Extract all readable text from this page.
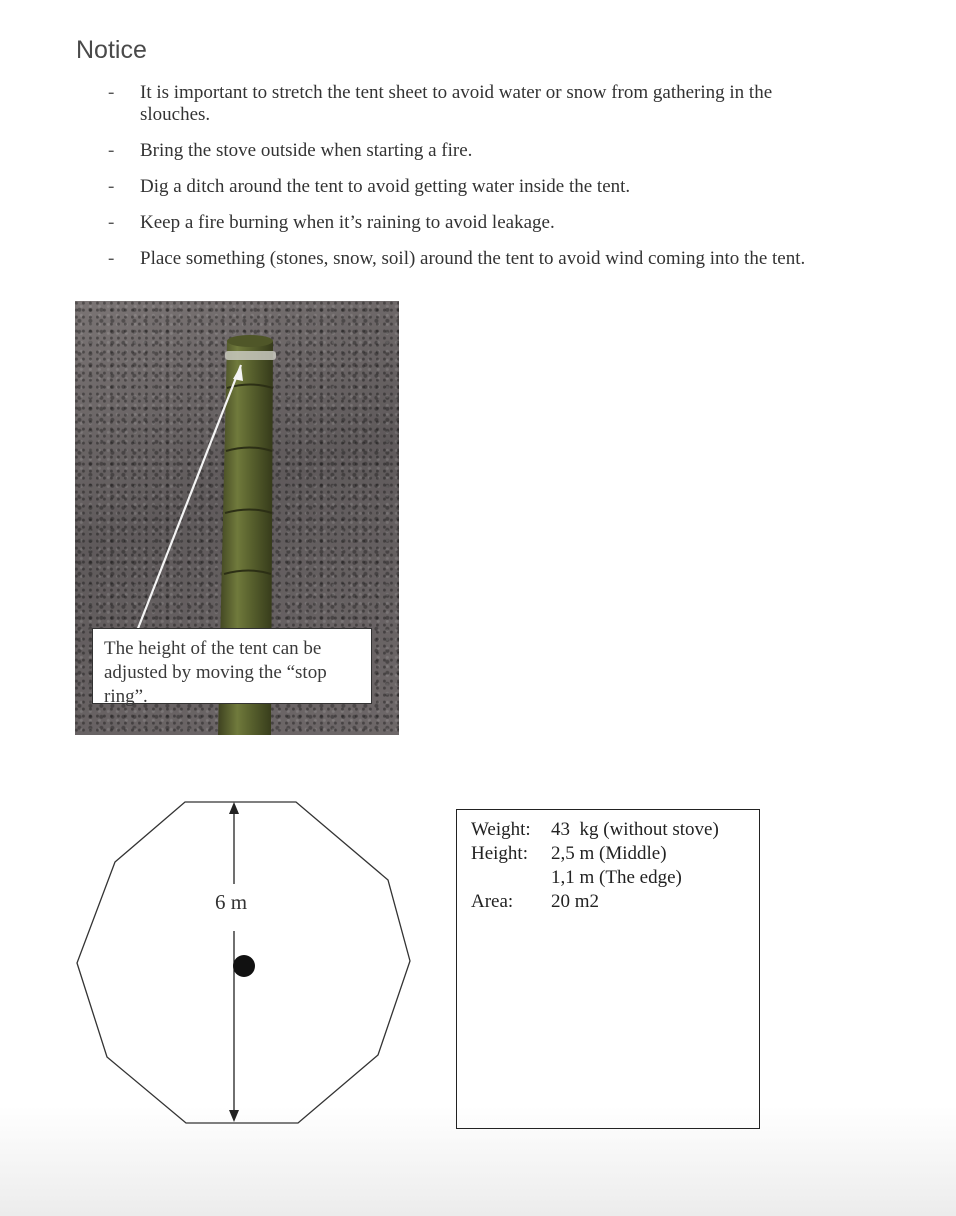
Notice
-	It is important to stretch the tent sheet to avoid water or snow from gathering in the slouches.
-	Bring the stove outside when starting a fire.
-	Dig a ditch around the tent to avoid getting water inside the tent.
-	Keep a fire burning when it’s raining to avoid leakage.
-	Place something (stones, snow, soil) around the tent to avoid wind coming into the tent.
The height of the tent can be adjusted by moving the “stop ring”.
6 m
Weight:	43  kg (without stove)
Height:	2,5 m (Middle)
1,1 m (The edge)
Area:	20 m2
